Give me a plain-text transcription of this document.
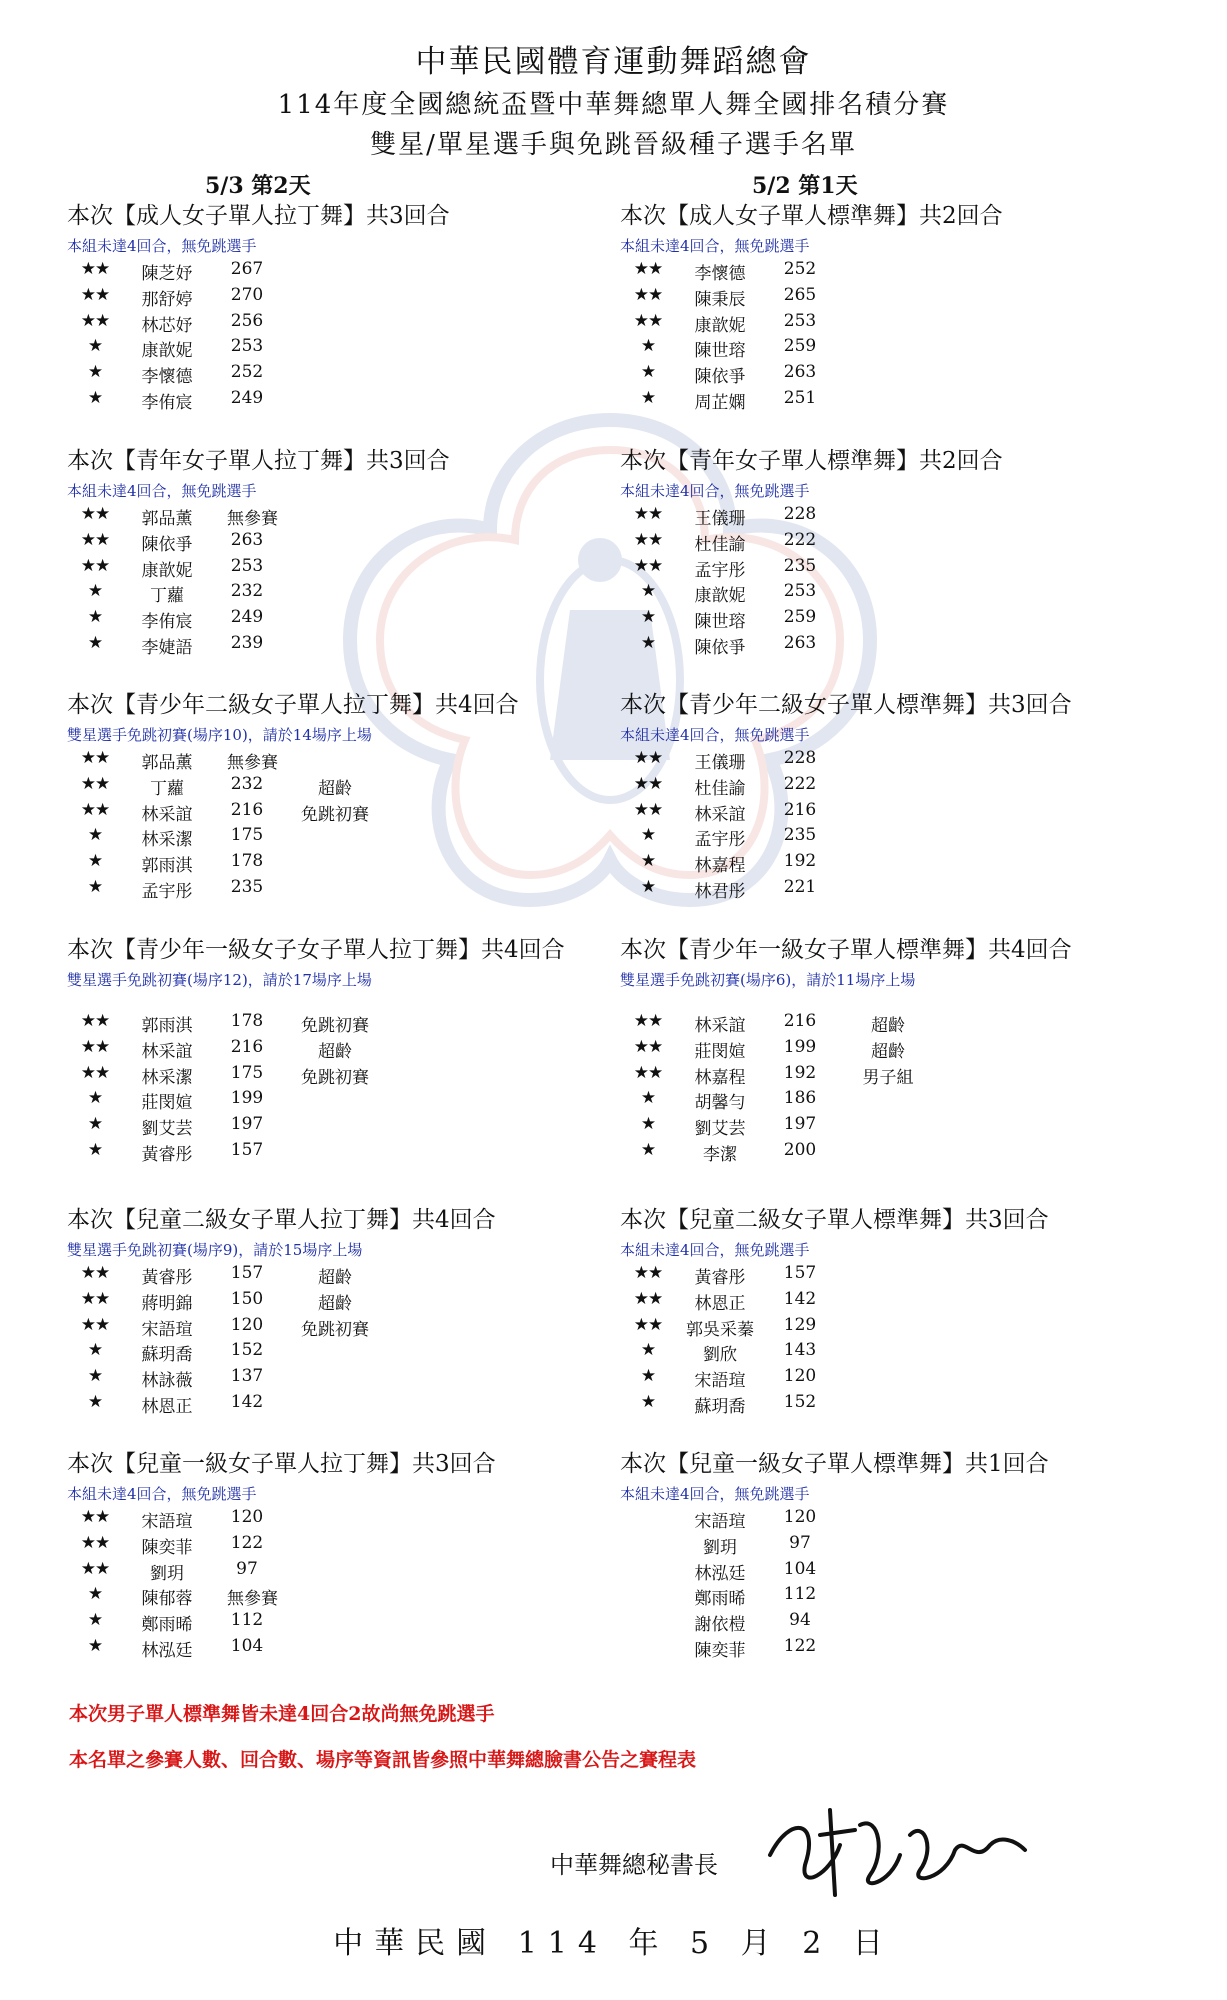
中華民國體育運動舞蹈總會
114年度全國總統盃暨中華舞總單人舞全國排名積分賽
雙星/單星選手與免跳晉級種子選手名單
5/3 第2天	5/2 第1天
本次【成人女子單人拉丁舞】共3回合
本組未達4回合，無免跳選手
★★	陳芝妤	267
★★	那舒婷	270
★★	林芯妤	256
★	康歆妮	253
★	李懷德	252
★	李侑宸	249
本次【青年女子單人拉丁舞】共3回合
本組未達4回合，無免跳選手
★★	郭品薰	無參賽
★★	陳依爭	263
★★	康歆妮	253
★	丁蘿	232
★	李侑宸	249
★	李婕語	239
本次【青少年二級女子單人拉丁舞】共4回合
雙星選手免跳初賽(場序10)，請於14場序上場
★★	郭品薰	無參賽
★★	丁蘿	232	超齡
★★	林采誼	216	免跳初賽
★	林采潔	175
★	郭雨淇	178
★	孟宇彤	235
本次【青少年一級女子女子單人拉丁舞】共4回合
雙星選手免跳初賽(場序12)，請於17場序上場
★★	郭雨淇	178	免跳初賽
★★	林采誼	216	超齡
★★	林采潔	175	免跳初賽
★	莊閔媗	199
★	劉艾芸	197
★	黃睿彤	157
本次【兒童二級女子單人拉丁舞】共4回合
雙星選手免跳初賽(場序9)，請於15場序上場
★★	黃睿彤	157	超齡
★★	蔣明錦	150	超齡
★★	宋語瑄	120	免跳初賽
★	蘇玥喬	152
★	林詠薇	137
★	林恩正	142
本次【兒童一級女子單人拉丁舞】共3回合
本組未達4回合，無免跳選手
★★	宋語瑄	120
★★	陳奕菲	122
★★	劉玥	97
★	陳郁蓉	無參賽
★	鄭雨晞	112
★	林泓廷	104
本次【成人女子單人標準舞】共2回合
本組未達4回合，無免跳選手
★★	李懷德	252
★★	陳秉辰	265
★★	康歆妮	253
★	陳世瑢	259
★	陳依爭	263
★	周芷嫻	251
本次【青年女子單人標準舞】共2回合
本組未達4回合，無免跳選手
★★	王儀珊	228
★★	杜佳諭	222
★★	孟宇彤	235
★	康歆妮	253
★	陳世瑢	259
★	陳依爭	263
本次【青少年二級女子單人標準舞】共3回合
本組未達4回合，無免跳選手
★★	王儀珊	228
★★	杜佳諭	222
★★	林采誼	216
★	孟宇彤	235
★	林嘉程	192
★	林君彤	221
本次【青少年一級女子單人標準舞】共4回合
雙星選手免跳初賽(場序6)，請於11場序上場
★★	林采誼	216	超齡
★★	莊閔媗	199	超齡
★★	林嘉程	192	男子組
★	胡馨勻	186
★	劉艾芸	197
★	李潔	200
本次【兒童二級女子單人標準舞】共3回合
本組未達4回合，無免跳選手
★★	黃睿彤	157
★★	林恩正	142
★★	郭吳采蓁 129
★	劉欣	143
★	宋語瑄	120
★	蘇玥喬	152
本次【兒童一級女子單人標準舞】共1回合
本組未達4回合，無免跳選手
宋語瑄	120
劉玥	97
林泓廷	104
鄭雨晞	112
謝依榿	94
陳奕菲	122
本次男子單人標準舞皆未達4回合2故尚無免跳選手
本名單之參賽人數、回合數、場序等資訊皆參照中華舞總臉書公告之賽程表
中華舞總秘書長
中華民國 114 年 5 月 2 日
